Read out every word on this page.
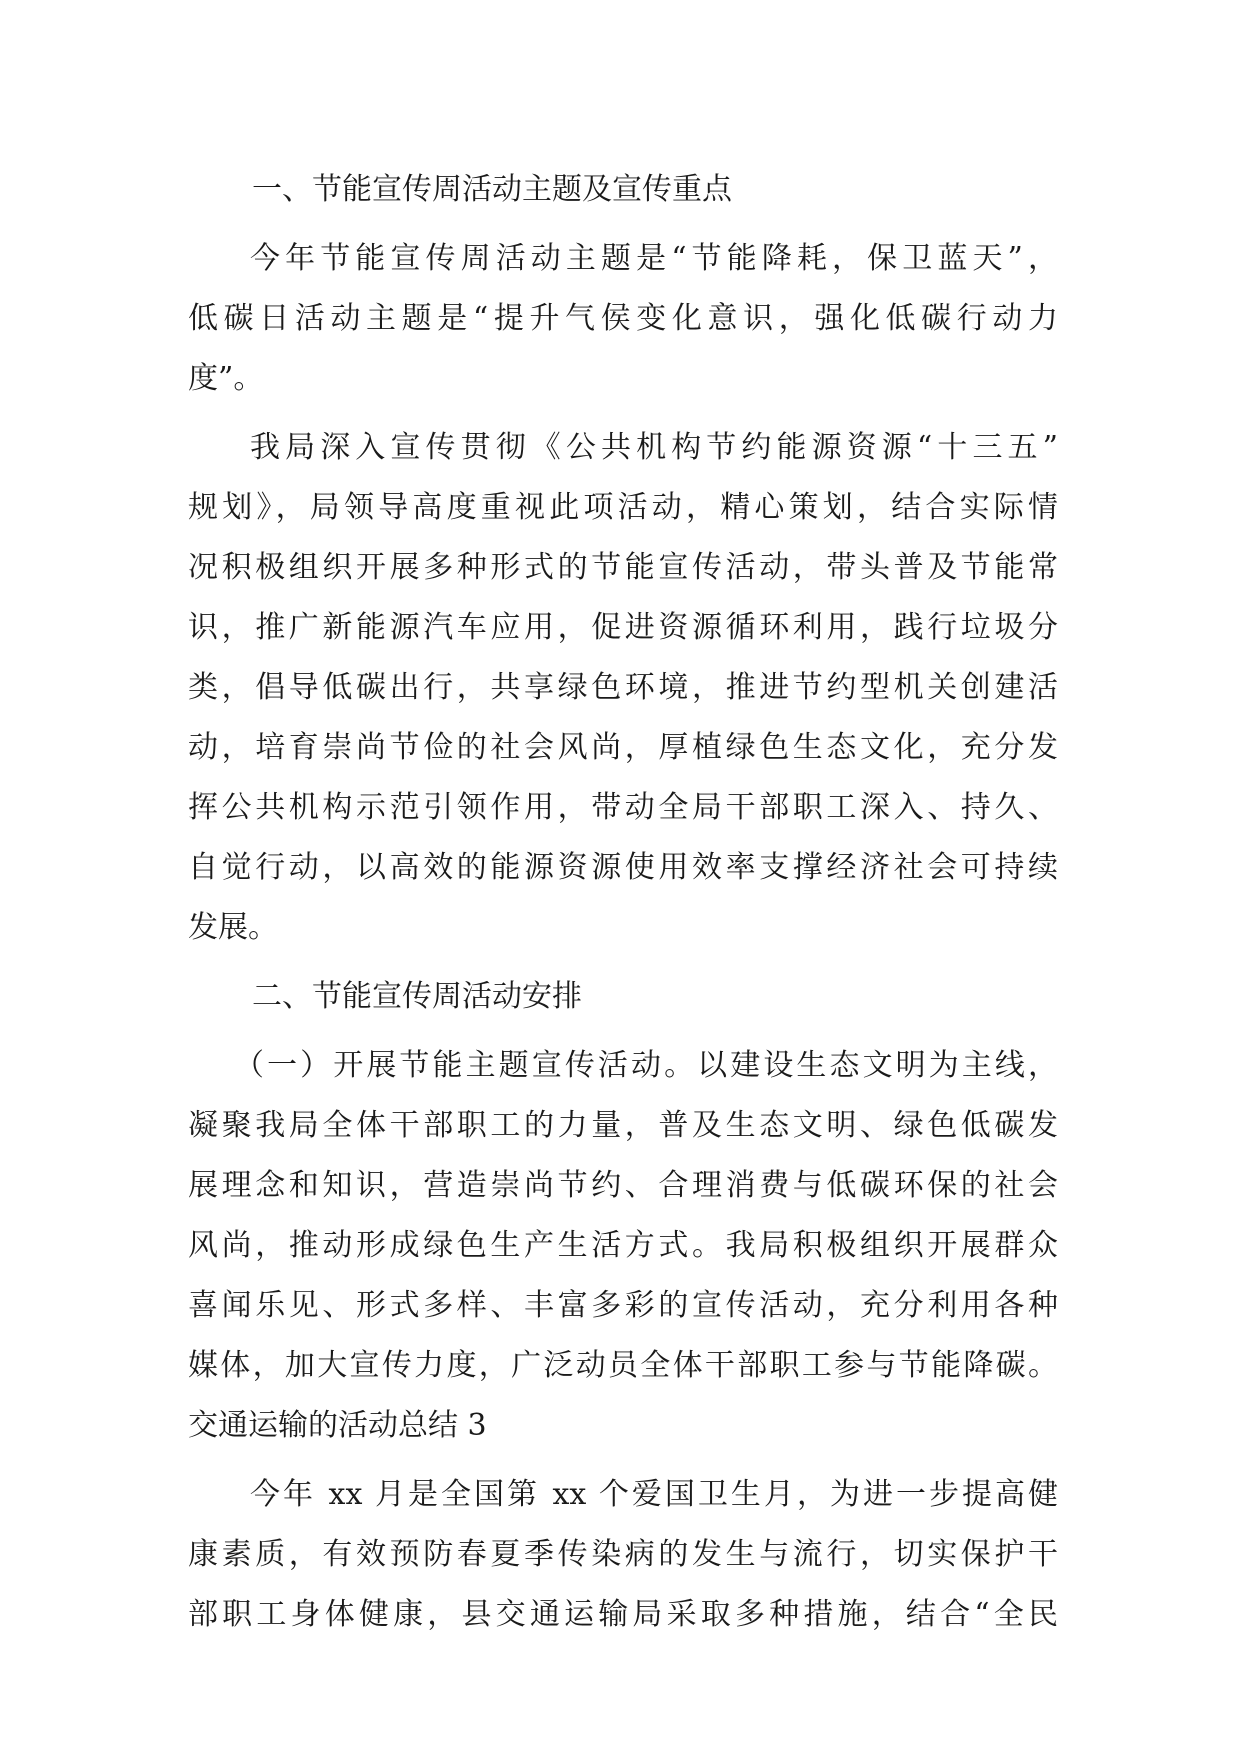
一、节能宣传周活动主题及宣传重点
今年节能宣传周活动主题是“节能降耗，保卫蓝天”，
低碳日活动主题是“提升气侯变化意识，强化低碳行动力
度”。
我局深入宣传贯彻《公共机构节约能源资源“十三五”
规划》，局领导高度重视此项活动，精心策划，结合实际情
况积极组织开展多种形式的节能宣传活动，带头普及节能常
识，推广新能源汽车应用，促进资源循环利用，践行垃圾分
类，倡导低碳出行，共享绿色环境，推进节约型机关创建活
动，培育崇尚节俭的社会风尚，厚植绿色生态文化，充分发
挥公共机构示范引领作用，带动全局干部职工深入、持久、
自觉行动，以高效的能源资源使用效率支撑经济社会可持续
发展。
二、节能宣传周活动安排
（一）开展节能主题宣传活动。以建设生态文明为主线，
凝聚我局全体干部职工的力量，普及生态文明、绿色低碳发
展理念和知识，营造崇尚节约、合理消费与低碳环保的社会
风尚，推动形成绿色生产生活方式。我局积极组织开展群众
喜闻乐见、形式多样、丰富多彩的宣传活动，充分利用各种
媒体，加大宣传力度，广泛动员全体干部职工参与节能降碳。
交通运输的活动总结 3
今年 xx 月是全国第 xx 个爱国卫生月，为进一步提高健
康素质，有效预防春夏季传染病的发生与流行，切实保护干
部职工身体健康，县交通运输局采取多种措施，结合“全民
